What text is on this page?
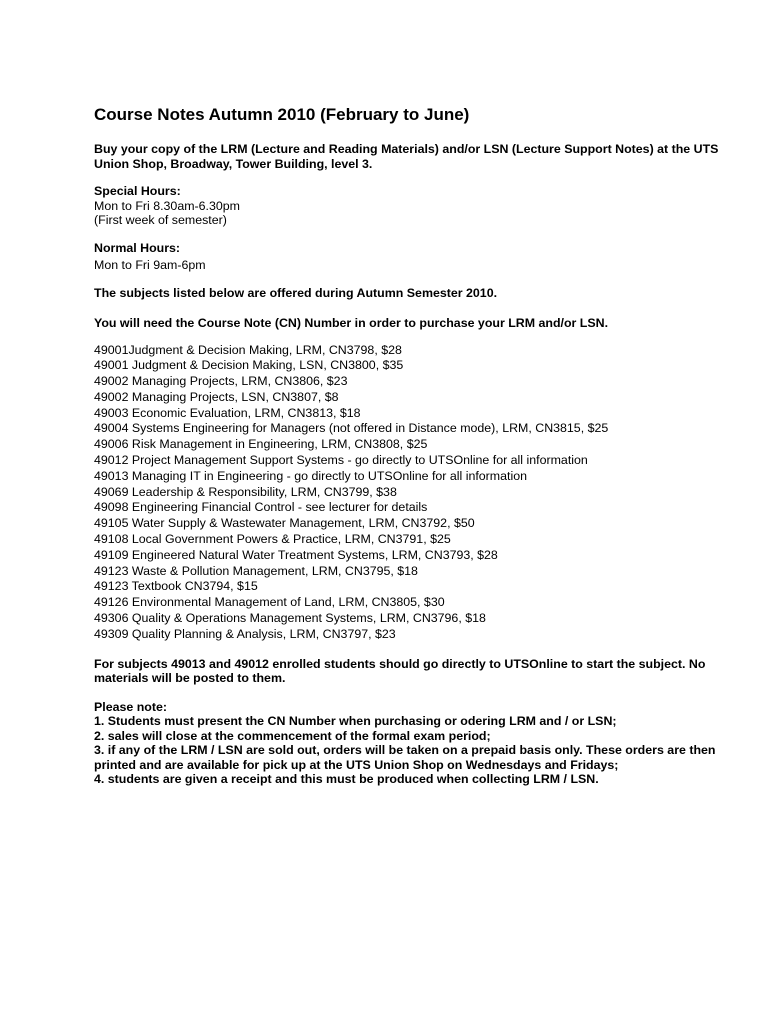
Course Notes Autumn 2010 (February to June)

Buy your copy of the LRM (Lecture and Reading Materials) and/or LSN (Lecture Support Notes) at the UTS Union Shop, Broadway, Tower Building, level 3.

Special Hours:

Mon to Fri 8.30am-6.30pm

(First week of semester)

Normal Hours:

Mon to Fri 9am-6pm

The subjects listed below are offered during Autumn Semester 2010.

You will need the Course Note (CN) Number in order to purchase your LRM and/or LSN.

49001Judgment & Decision Making, LRM, CN3798, $28

49001 Judgment & Decision Making, LSN, CN3800, $35

49002 Managing Projects, LRM, CN3806, $23

49002 Managing Projects, LSN, CN3807, $8

49003 Economic Evaluation, LRM, CN3813, $18

49004 Systems Engineering for Managers (not offered in Distance mode), LRM, CN3815, $25

49006 Risk Management in Engineering, LRM, CN3808, $25

49012 Project Management Support Systems - go directly to UTSOnline for all information

49013 Managing IT in Engineering - go directly to UTSOnline for all information

49069 Leadership & Responsibility, LRM, CN3799, $38

49098 Engineering Financial Control - see lecturer for details

49105 Water Supply & Wastewater Management, LRM, CN3792, $50

49108 Local Government Powers & Practice, LRM, CN3791, $25

49109 Engineered Natural Water Treatment Systems, LRM, CN3793, $28

49123 Waste & Pollution Management, LRM, CN3795, $18

49123 Textbook CN3794, $15

49126 Environmental Management of Land, LRM, CN3805, $30

49306 Quality & Operations Management Systems, LRM, CN3796, $18

49309 Quality Planning & Analysis, LRM, CN3797, $23

For subjects 49013 and 49012 enrolled students should go directly to UTSOnline to start the subject. No materials will be posted to them.

Please note:

1. Students must present the CN Number when purchasing or odering LRM and / or LSN;

2. sales will close at the commencement of the formal exam period;

3. if any of the LRM / LSN are sold out, orders will be taken on a prepaid basis only. These orders are then printed and are available for pick up at the UTS Union Shop on Wednesdays and Fridays;

4. students are given a receipt and this must be produced when collecting LRM / LSN.
